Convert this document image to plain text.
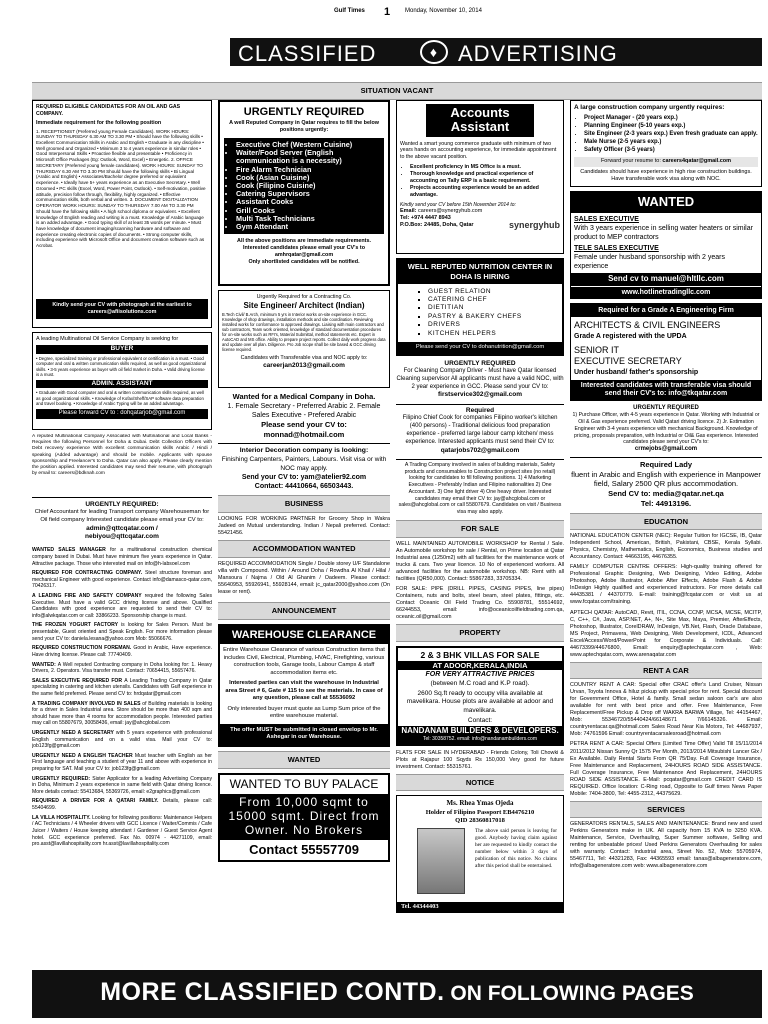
Gulf Times 1 Monday, November 10, 2014
CLASSIFIED	♦ ADVERTISING
SITUATION VACANT
REQUIRED ELIGIBLE CANDIDATES FOR AN OIL AND GAS COMPANY.
Immediate requirement for the following position
1. RECEPTIONIST (Preferred young Female Candidates). WORK HOURS: SUNDAY TO THURSDAY 6.30 AM TO 3.30 PM • Should have the following skills • Excellent Communication Skills in Arabic and English • Graduate in any discipline • Well groomed and Organized • Minimum 3 to 4 years experience in similar roles • Good Interpersonal Skills • Proactive flexible and presentable • Proficiency in Microsoft Office Packages (Eg: Outlook, Word, Excel) • Energetic. 2. OFFICE SECRETARY (Preferred young female candidates). WORK HOURS: SUNDAY TO THURSDAY 6.30 AM TO 3.30 PM Should have the following skills • Bi Lingual (Arabic and English) • Associates/Bachelor degree preferred or equivalent experience. • Ideally have 5+ years experience as an Executive Secretary. • Well Groomed • PC skills (Excel, Word, Power Point, Outlook). • Self-motivation, positive attitude, precision follow through, flexibility, highly organized. • Effective communication skills, both verbal and written. 3. DOCUMENT DIGITALIZATION OPERATOR WORK HOURS: SUNDAY TO THURSDAY 7.00 AM TO 3.30 PM Should have the following skills • A high school diploma or equivalent. • Excellent knowledge of English reading and writing is a must. Knowledge of Arabic language is an added advantage. • Good typing skill of at least 35 words per minute. • Must have knowledge of document imaging/scanning hardware and software and experience creating electronic copies of documents. • Strong computer skills, including experience with Microsoft Office and document creation software such as Acrobat.
Kindly send your CV with photograph at the earliest to careers@afiisolutions.com
A leading Multinational Oil Service Company is seeking for
BUYER
• Degree, specialized training or professional equivalent or certification is a must. • Good computer and oral & written communication skills required, as well as good organizational skills. • 3-5 years experience as buyer with oil field market in Doha. • Valid driving license is a must.
ADMIN. ASSISTANT
• Graduate with Good computer and oral & written communication skills required, as well as good organizational skills. • Knowledge of Kofax/Sheff/SAP software data preparation and travel booking. • Knowledge of Arabic Typing will be an added advantage.
Please forward CV to : dohqatarjob@gmail.com
A reputed Multinational Company Associated with Multinational and Local Banks - Requires the following Personnel for Doha & Dubai. Debt Collection Officers with Debt recovery experience With excellent communication skills Arabic / Hindi / speaking (Added advantage) and should be mobile. Applicants with spouse sponsorship and Freelancer's to Doha. Qatar can also apply. Please clearly mention the position applied. Interested candidates may send their resume, with photograph by email to: careers@bdknah.com
URGENTLY REQUIRED:
Chief Accountant for leading Transport company Warehouseman for Oil field company Interested candidate please email your CV to:
admin@qttcqatar.com /
nebiyou@qttcqatar.com
WANTED SALES MANAGER for a multinational construction chemical company based in Dubai. Must have minimum five years experience in Qatar. Attractive package. Those who interested mail on info@h-labsoel.com
REQUIRED FOR CONTRACTING COMPANY. Steel structure foreman and mechanical Engineer with good experience. Contact info@damasco-qatar.com, 70426317.
A LEADING FIRE AND SAFETY COMPANY required the following Sales Executive. Must have a valid GCC driving license and above. Qualified Candidates with good experience are requested to send their CV to: info@alwkqatar.com or call: 33866233. Sponsorship change is must.
THE FROZEN YOGURT FACTORY is looking for Sales Person. Must be presentable, Guest oriented and Speak English. For more information please send your CV to: daniela.lesana@yahoo.com Mob: 55066676.
REQUIRED CONSTRUCTION FOREMAN. Good in Arabic, Have experience. Have driving license. Please call: 77740409.
WANTED: A Well reputed Contracting company in Doha looking for: 1. Heavy Drivers, 2. Operators. Visa transfer must. Contact: 70654415, 55657476.
SALES EXECUTIVE REQUIRED FOR A Leading Trading Company in Qatar specializing in catering and kitchen utensils. Candidates with Gulf experience in the same field preferred. Please send CV to: hrdqatar@gmail.com
A TRADING COMPANY INVOLVED IN SALES of Building materials is looking for a driver in Sales Industrial area. Store should be more than 400 sqm and should have more than 4 rooms for accommodation people. Interested parties may call on 55807679, 30058436, email: jay@ahcglobal.com
URGENTLY NEED A SECRETARY with 5 years experience with professional English communication and on a valid visa. Mail your CV to: job123fg@gmail.com
URGENTLY NEED A ENGLISH TEACHER Must teacher with English as her First language and teaching a student of year 11 and above with experience in preparing for SAT. Mail your CV to: job123fg@gmail.com
URGENTLY REQUIRED: Sister Applicator for a leading Advertising Company in Doha, Minimum 2 years experience in same field with Qatar driving licence. More details contact: 55413684, 55369726, email: e2graphics@gmail.com
REQUIRED A DRIVER FOR A QATARI FAMILY. Details, please call: 55404699.
LA VILLA HOSPITALITY. Looking for following positions: Maintenance Helpers / AC Technicians / 4 Wheeler drivers with GCC Licence / Waiter/Commis / Cafe Juicer / Waiters / House keeping attendant / Gardener / Guest Service Agent hotel. GCC experience preferred. Fax No. 00974 - 44271109, email: pro.asst@lavillahospitality.com hr.asst@lavillahospitality.com
URGENTLY REQUIRED
A well Reputed Company in Qatar requires to fill the below positions urgently:
• Executive Chef (Western Cuisine)
• Waiter/Food Server (English communication is a necessity)
• Fire Alarm Technician
• Cook (Asian Cuisine)
• Cook (Filipino Cuisine)
• Catering Supervisors
• Assistant Cooks
• Grill Cooks
• Multi Task Technicians
• Gym Attendant
All the above positions are immediate requirements. Interested candidates please email your CV's to amhrqatar@gmail.com
Only shortlisted candidates will be notified.
Urgently Required for a Contracting Co.
Site Engineer/ Architect (Indian)
B.Tech Civil/ B.Arch, minimum 5 yrs in Interior works on-site experience in GCC. Knowledge of shop drawings, installation methods and site coordination. Reviewing installed works for conformance to approved drawings. Liaising with main contractors and sub contractors, Team work oriented, knowledge of standard documentation procedures for on-site works such as RFI's, Material Submittal, method statements etc. Expert in AutoCAD and MS office. Ability to prepare project reports. Collect daily work progress data and update over all plan. Diligence. Pro Job scope shall be site based & GCC driving license required.
Candidates with Transferable visa and NOC apply to:
careerjan2013@gmail.com
Wanted for a Medical Company in Doha.
1. Female Secretary - Preferred Arabic 2. Female Sales Executive - Prefered Arabic
Please send your CV to:
monnad@hotmail.com
Interior Decoration company is looking:
Finishing Carpenters, Painters, Labours. Visit visa or with NOC may apply.
Send your CV to: yam@atelier92.com
Contact: 44410664, 66503443.
BUSINESS
LOOKING FOR WORKING PARTNER for Grocery Shop in Wakra Jadeed on Mutual understanding. Indian / Nepali preferred. Contact: 55421456.
ACCOMMODATION WANTED
REQUIRED ACCOMMODATION Single / Double storey U/F Standalone villa with Compound. Within / Around Doha / Rowdha Al Khail / Hilal / Mansoura / Najma / Old Al Ghanim / Oadeem. Please contact: 55640953, 55926941, 55928144, email: jc_qatar2000@yahoo.com (On lease or rent).
ANNOUNCEMENT
WAREHOUSE CLEARANCE
Entire Warehouse Clearance of various Construction items that includes Civil, Electrical, Plumbing, HVAC, Firefighting, various construction tools, Garage tools, Labour Camps & staff accommodation items etc.
Interested parties can visit the warehouse in Industrial area Street # 6, Gate # 115 to see the materials. In case of any question, please call at 55536092
Only interested buyer must quote as Lump Sum price of the entire warehouse material.
The offer MUST be submitted in closed envelop to Mr. Ashegar in our Warehouse.
WANTED
WANTED TO BUY PALACE
From 10,000 sqmt to 15000 sqmt. Direct from Owner. No Brokers
Contact 55557709
Accounts
Assistant
Wanted a smart young commerce graduate with minimum of two years hands on accounting experience, for immediate appointment to the above vacant position.
• Excellent proficiency in MS Office is a must.
• Thorough knowledge and practical experience of accounting on Tally ERP is a basic requirement.
• Projects accounting experience would be an added advantage.
Kindly send your CV before 15th November 2014 to:
Email: careers@synergyhub.com
Tel: +974 4447 8943
P.O.Box: 24485, Doha, Qatar	synergyhub
WELL REPUTED NUTRITION CENTER IN DOHA IS HIRING
▪ GUEST RELATION
▪ CATERING CHEF
▪ DIETITIAN
▪ PASTRY & BAKERY CHEFS
▪ DRIVERS
▪ KITCHEN HELPERS
Please send your CV to dohanutrition@gmail.com
URGENTLY REQUIRED
For Cleaning Company Driver - Must have Qatar licensed Cleaning supervisor All applicants must have a valid NOC, with 2 year experience in GCC. Please send your CV to:
firstservice302@gmail.com
Required
Filipino Chief Cook for companies Filipino worker's kitchen (400 persons) - Traditional delicious food preparation experience - preferred large labour camp kitchen/ mess experience. Interested applicants must send their CV to:
qatarjobs702@gmail.com
A Trading Company involved in sales of building materials, Safety products and consumables to Construction project sites (no retail) looking for candidates to fill following positions. 1) 4 Marketing Executives - Preferably Indian and Filipino nationalities 2) One Accountant. 3) One light driver 4) One heavy driver. Interested candidates may email their CV to: jay@ahcglobal.com or sales@ahcglobal.com or call 55807679. Candidates on visit / Business visa may also apply.
FOR SALE
WELL MAINTAINED AUTOMOBILE WORKSHOP for Rental / Sale. An Automobile workshop for sale / Rental, on Prime location at Qatar Industrial area (1250m2) with all facilities for the maintenance work of trucks & cars. Two year licence. 10 No of experienced workers. All advanced facilities for the automobile workshop. NB: Rent with all facilities (QR50,000). Contact: 55867283, 33705334.
FOR SALE: PIPE (DRILL PIPES, CASING PIPES, line pipes) Containers, nuts and bolts, steel beam, steel plates, fittings, etc. Contact Oceanic Oil Field Trading Co. 55908781, 55514692, 66244553, email: info@oceanicoilfieldtrading.com.qa, oceanic.oil@gmail.com
PROPERTY
2 & 3 BHK VILLAS FOR SALE
AT ADOOR,KERALA,INDIA
FOR VERY ATTRACTIVE PRICES
(between M.C road and K.P road).
2600 Sq.ft ready to occupy villa available at mavelikara. House plots are available at adoor and mavelikara.
Contact:
NANDANAM BUILDERS & DEVELOPERS.
Tel: 30358752. email: info@nandanambuilders.com
FLATS FOR SALE IN HYDERABAD - Friends Colony, Toli Chowki & Plots at Rajapur 100 Sqyds Rs 150,000 Very good for future investment. Contact: 55315761.
NOTICE
Ms. Rhea Ymas Ojeda
Holder of Filipino Passport EB4476210
QID 28360817018
The above said person is leaving for good. Anybody having claim against her are requested to kindly contact the number below within 3 days of publication of this notice. No claims after this period shall be entertained.
Tel. 44344403
A large construction company urgently requires:
• Project Manager - (20 years exp.)
• Planning Engineer (5-10 years exp.)
• Site Engineer (2-3 years exp.) Even fresh graduate can apply.
• Male Nurse (2-5 years exp.)
• Safety Officer (3-5 years)
Forward your resume to: careers4qatar@gmail.com
Candidates should have experience in high rise construction buildings. Have transferable work visa along with NOC.
WANTED
SALES EXECUTIVE
With 3 years experience in selling water heaters or similar product to MEP contractors
TELE SALES EXECUTIVE
Female under husband sponsorship with 2 years experience
Send cv to manuel@hltllc.com
www.hotlinetradingllc.com
Required for a Grade A Engineering Firm
ARCHITECTS & CIVIL ENGINEERS
Grade A registered with the UPDA
SENIOR IT
EXECUTIVE SECRETARY
Under husband/ father's sponsorship
Interested candidates with transferable visa should send their CV's to: info@tkqatar.com
URGENTLY REQUIRED
1) Purchase Officer, with 4-5 years experience in Qatar. Working with Industrial or Oil & Gas experience preferred. Valid Qatari driving licence. 2) Jr. Estimation Engineer with 3-4 years experience with mechanical Background. Knowledge of pricing, proposals preparation, with Industrial or Oil& Gas experience. Interested candidates please send your CV's to:
crmejobs@gmail.com
Required Lady
fluent in Arabic and English with experience in Manpower field, Salary 2500 QR plus accommodation.
Send CV to: media@qatar.net.qa
Tel: 44913196.
EDUCATION
NATIONAL EDUCATION CENTER (NEC): Regular Tuition for IGCSE, IB, Qatar Independent School, American, British, Pakistani, CBSE, Kerala Syllabi. Physics, Chemistry, Mathematics, English, Economics, Business studies and Accountancy. Contact: 44663195, 44676355.
FAMILY COMPUTER CENTRE OFFERS: High-quality training offered for Professional Graphic Designing, Web Designing, Video Editing, Adobe Photoshop, Adobe Illustrator, Adobe After Effects, Adobe Flash & Adobe InDesign Highly qualified and experienced instructors. For more details call 44435381 / 44370779. E-mail: training@fcqatar.com or visit us at www.fcqatar.com/training.
APTECH QATAR: AutoCAD, Revit, ITIL, CCNA, CCNP, MCSA, MCSE, MCITP, C, C++, C#, Java, ASP.NET, A+, N+, Site Max, Maya, Premier, AfterEffects, Photoshop, Illustrator, CorelDRAW, InDesign, VB.Net, Flash, Oracle Database, MS Project, Primavera, Web Designing, Web Development, ICDL, Advanced Excel/Access/Word/PowerPoint for Corporate & Individuals. Call: 44673399/44676800, Email: enquiry@aptechqatar.com , Web: www.aptechqatar.com, www.arenaqatar.com
RENT A CAR
COUNTRY RENT A CAR: Special offer CRAC offer's Land Cruiser, Nissan Urvan, Toyota Innova & hiluz pickup with special price for rent. Special discount for Government Office, Hotel & family. Small sedan saloon car's are also available for rent with best price and offer. Free Maintenance, Free Replacement/Free Pickup & Drop off WAKRA BARWA Village, Tel: 44154467, Mob: 55346720/55440424/66148671 7/66145326. Email: countryrentacar.qa@hotmail.com Sales Road Near Kia Motors, Tel: 44687937, Mob: 74761596 Email: countryrentacarsalesroad@hotmail.com
PETRA RENT A CAR: Special Offers (Limited Time Offer) Valid Till 15/11/2014 2011/2012 Nissan Sunny Qr 1575 Per Month, 2013/2014 Mitsubishi Lancer Glx / Ex Available. Daily Rental Starts From QR 75/Day. Full Coverage Insurance, Free Maintenance and Replacement, 24HOURS ROAD SIDE ASSISTANCE. Full Coverage Insurance, Free Maintenance And Replacement, 24HOURS ROAD SIDE ASSISTANCE. E-Mail: pcqatar@gmail.com CREDIT CARD IS REQUIRED. Office location: C-Ring road, Opposite to Gulf times News Paper Mobile: 7404-3800, Tel: 4455-2312, 44375629.
SERVICES
GENERATORS RENTALS, SALES AND MAINTENANCE: Brand new and used Perkins Generators make in UK. All capacity from 15 KVA to 3250 KVA. Maintenance, Service, Overhauling, Super Summer software, Selling and renting for unbeatable prices! Used Perkins Generators Overhauling for sales with warranty. Contact: Industrial area, Street No. 52, Mob: 55705974, 55467711, Tel: 44321283, Fax: 44365593 email: tanas@albageneratore.com, info@albageneratore.com web: www.albageneratore.com
MORE CLASSIFIED CONTD. ON FOLLOWING PAGES
